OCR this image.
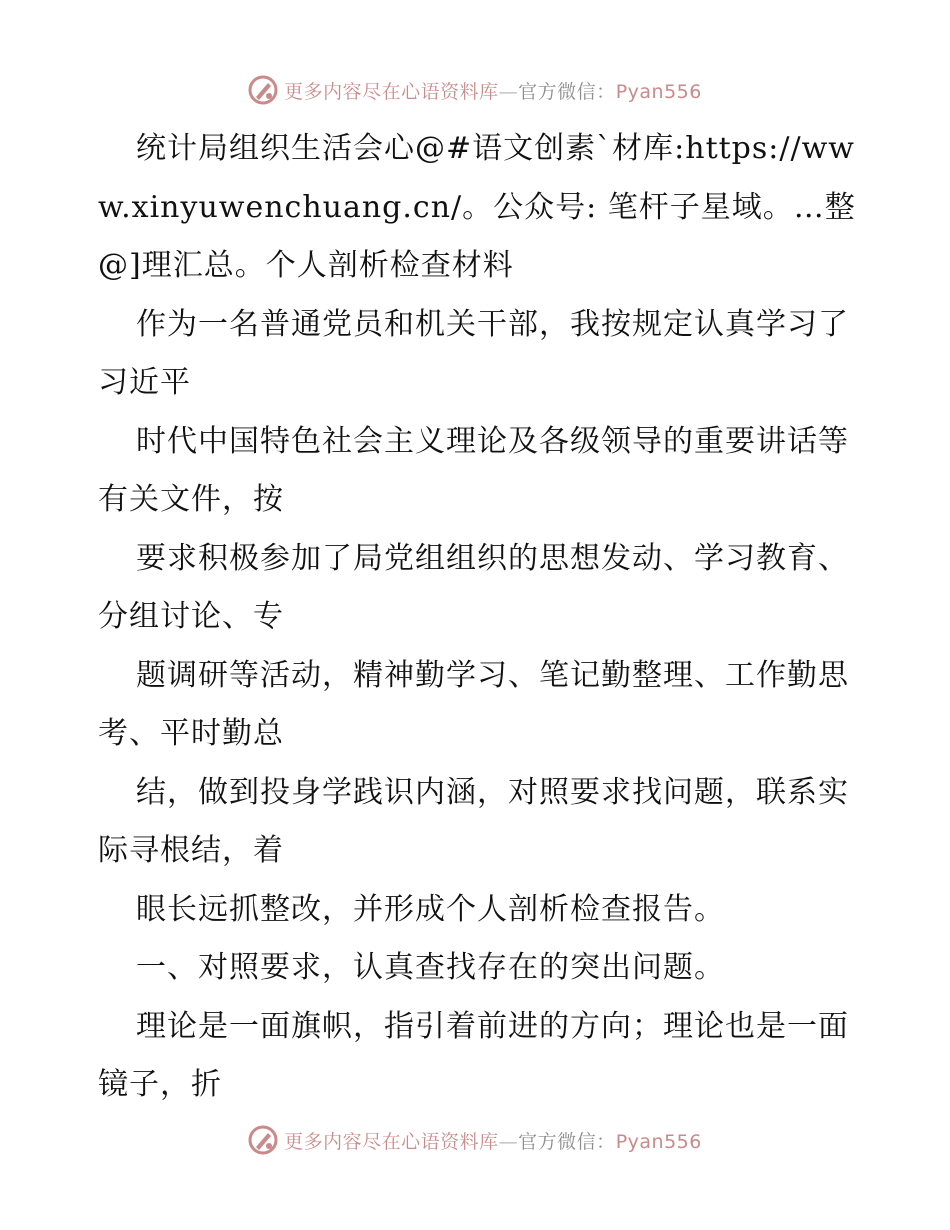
更多内容尽在心语资料库—官方微信：Pyan556

统计局组织生活会心@#语文创素`材库:https://www.xinyuwenchuang.cn/。公众号: 笔杆子星域。…整@]理汇总。个人剖析检查材料

作为一名普通党员和机关干部，我按规定认真学习了习近平

时代中国特色社会主义理论及各级领导的重要讲话等有关文件，按

要求积极参加了局党组组织的思想发动、学习教育、分组讨论、专

题调研等活动，精神勤学习、笔记勤整理、工作勤思考、平时勤总

结，做到投身学践识内涵，对照要求找问题，联系实际寻根结，着

眼长远抓整改，并形成个人剖析检查报告。

一、对照要求，认真查找存在的突出问题。

理论是一面旗帜，指引着前进的方向；理论也是一面镜子，折

更多内容尽在心语资料库—官方微信：Pyan556
